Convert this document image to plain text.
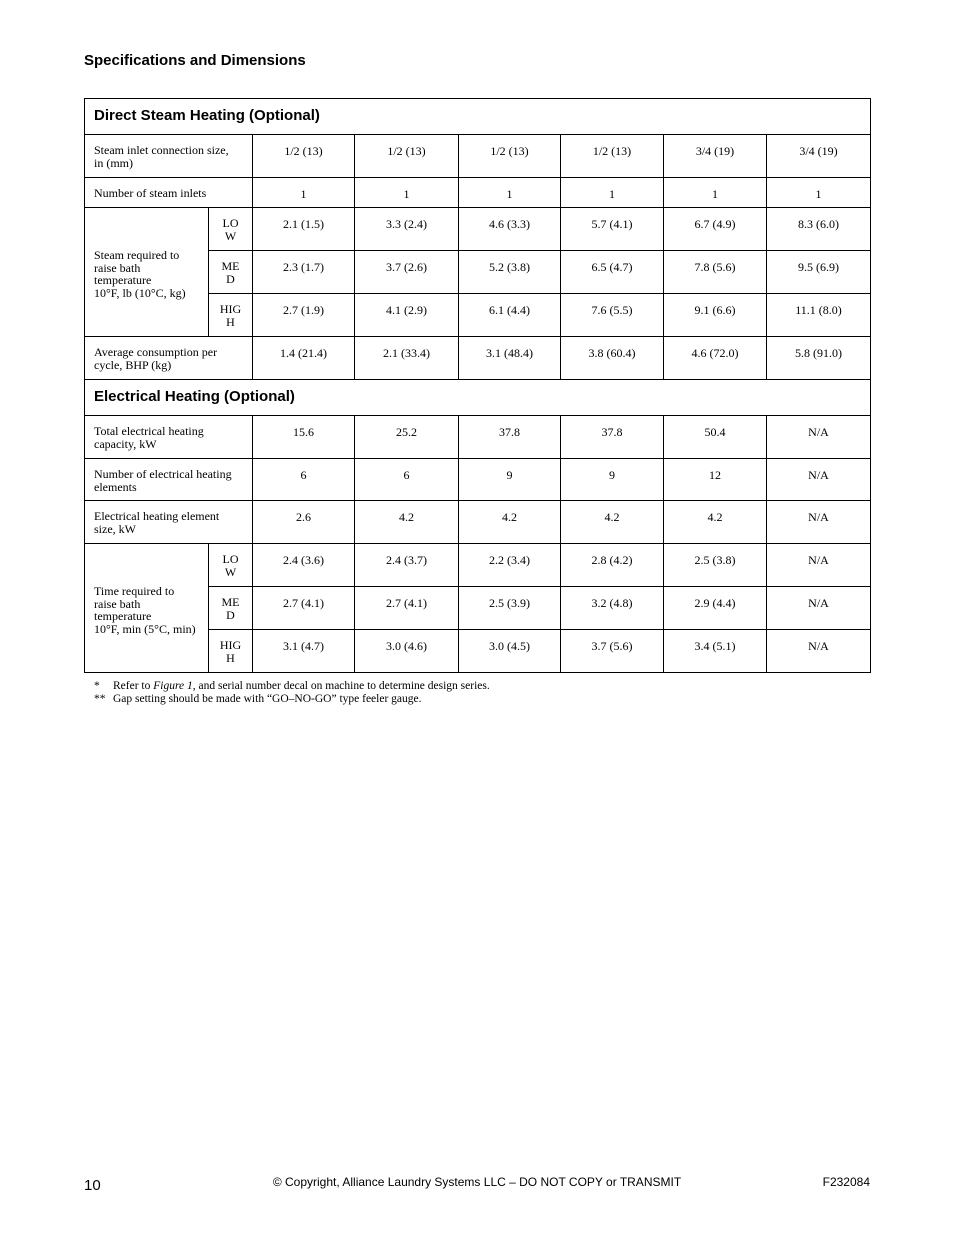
Specifications and Dimensions
Direct Steam Heating (Optional)							

Steam inlet connection size,
in (mm)		1/2 (13)	1/2 (13)	1/2 (13)	1/2 (13)	3/4 (19)	3/4 (19)

Number of steam inlets		1	1	1	1	1	1

Steam required to
raise bath
temperature
10°F, lb (10°C, kg)	LO
W	2.1 (1.5)	3.3 (2.4)	4.6 (3.3)	5.7 (4.1)	6.7 (4.9)	8.3 (6.0)

	ME
D	2.3 (1.7)	3.7 (2.6)	5.2 (3.8)	6.5 (4.7)	7.8 (5.6)	9.5 (6.9)

	HIG
H	2.7 (1.9)	4.1 (2.9)	6.1 (4.4)	7.6 (5.5)	9.1 (6.6)	11.1 (8.0)

Average consumption per
cycle, BHP (kg)		1.4 (21.4)	2.1 (33.4)	3.1 (48.4)	3.8 (60.4)	4.6 (72.0)	5.8 (91.0)
Electrical Heating (Optional)							

Total electrical heating
capacity, kW		15.6	25.2	37.8	37.8	50.4	N/A

Number of electrical heating
elements		6	6	9	9	12	N/A

Electrical heating element
size, kW		2.6	4.2	4.2	4.2	4.2	N/A

Time required to
raise bath
temperature
10°F, min (5°C, min)	LO
W	2.4 (3.6)	2.4 (3.7)	2.2 (3.4)	2.8 (4.2)	2.5 (3.8)	N/A

	ME
D	2.7 (4.1)	2.7 (4.1)	2.5 (3.9)	3.2 (4.8)	2.9 (4.4)	N/A

	HIG
H	3.1 (4.7)	3.0 (4.6)	3.0 (4.5)	3.7 (5.6)	3.4 (5.1)	N/A
* Refer to Figure 1, and serial number decal on machine to determine design series.
** Gap setting should be made with “GO–NO-GO” type feeler gauge.
10	© Copyright, Alliance Laundry Systems LLC – DO NOT COPY or TRANSMIT	F232084
